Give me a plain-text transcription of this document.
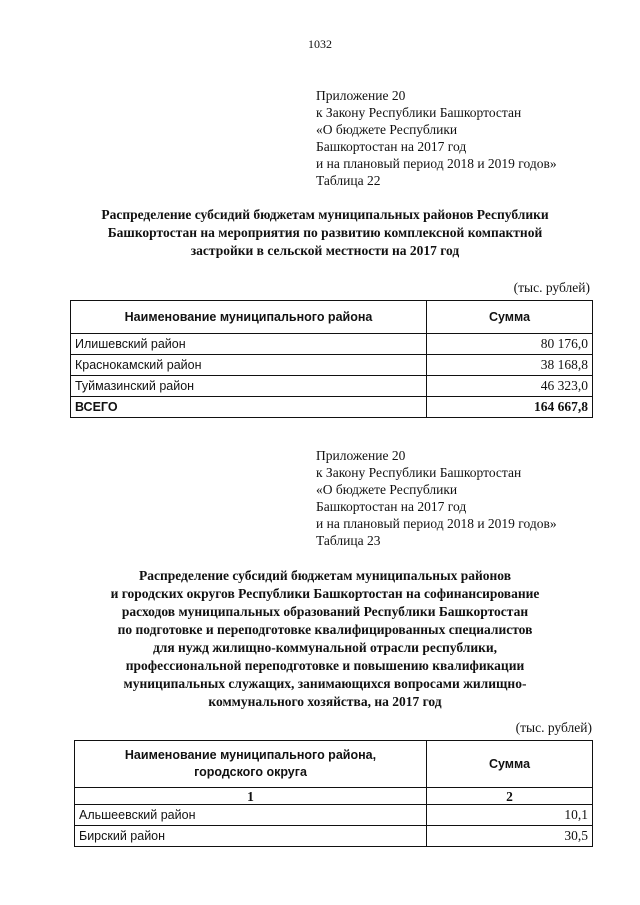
1032
Приложение 20
к Закону Республики Башкортостан
«О бюджете Республики
Башкортостан на 2017 год
и на плановый период 2018 и 2019 годов»
Таблица 22
Распределение субсидий бюджетам муниципальных районов Республики
Башкортостан на мероприятия по развитию комплексной компактной
застройки в сельской местности на 2017 год
(тыс. рублей)
Наименование муниципального района	Сумма
Илишевский район	80 176,0
Краснокамский район	38 168,8
Туймазинский район	46 323,0
ВСЕГО	164 667,8
Приложение 20
к Закону Республики Башкортостан
«О бюджете Республики
Башкортостан на 2017 год
и на плановый период 2018 и 2019 годов»
Таблица 23
Распределение субсидий бюджетам муниципальных районов
и городских округов Республики Башкортостан на софинансирование
расходов муниципальных образований Республики Башкортостан
по подготовке и переподготовке квалифицированных специалистов
для нужд жилищно-коммунальной отрасли республики,
профессиональной переподготовке и повышению квалификации
муниципальных служащих, занимающихся вопросами жилищно-
коммунального хозяйства, на 2017 год
(тыс. рублей)
Наименование муниципального района,
городского округа	Сумма
1	2
Альшеевский район	10,1
Бирский район	30,5
